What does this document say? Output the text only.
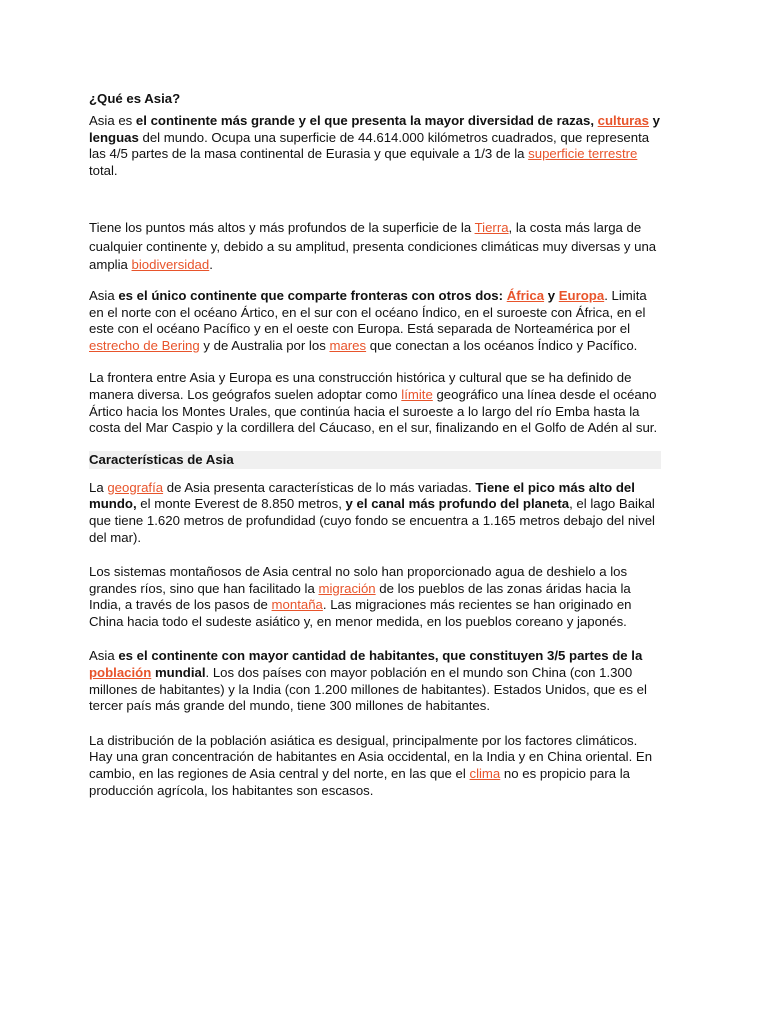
¿Qué es Asia?

Asia es el continente más grande y el que presenta la mayor diversidad de razas, culturas y lenguas del mundo. Ocupa una superficie de 44.614.000 kilómetros cuadrados, que representa las 4/5 partes de la masa continental de Eurasia y que equivale a 1/3 de la superficie terrestre total.

Tiene los puntos más altos y más profundos de la superficie de la Tierra, la costa más larga de cualquier continente y, debido a su amplitud, presenta condiciones climáticas muy diversas y una amplia biodiversidad.

Asia es el único continente que comparte fronteras con otros dos: África y Europa. Limita en el norte con el océano Ártico, en el sur con el océano Índico, en el suroeste con África, en el este con el océano Pacífico y en el oeste con Europa. Está separada de Norteamérica por el estrecho de Bering y de Australia por los mares que conectan a los océanos Índico y Pacífico.

La frontera entre Asia y Europa es una construcción histórica y cultural que se ha definido de manera diversa. Los geógrafos suelen adoptar como límite geográfico una línea desde el océano Ártico hacia los Montes Urales, que continúa hacia el suroeste a lo largo del río Emba hasta la costa del Mar Caspio y la cordillera del Cáucaso, en el sur, finalizando en el Golfo de Adén al sur.

Características de Asia

La geografía de Asia presenta características de lo más variadas. Tiene el pico más alto del mundo, el monte Everest de 8.850 metros, y el canal más profundo del planeta, el lago Baikal que tiene 1.620 metros de profundidad (cuyo fondo se encuentra a 1.165 metros debajo del nivel del mar).

Los sistemas montañosos de Asia central no solo han proporcionado agua de deshielo a los grandes ríos, sino que han facilitado la migración de los pueblos de las zonas áridas hacia la India, a través de los pasos de montaña. Las migraciones más recientes se han originado en China hacia todo el sudeste asiático y, en menor medida, en los pueblos coreano y japonés.

Asia es el continente con mayor cantidad de habitantes, que constituyen 3/5 partes de la población mundial. Los dos países con mayor población en el mundo son China (con 1.300 millones de habitantes) y la India (con 1.200 millones de habitantes). Estados Unidos, que es el tercer país más grande del mundo, tiene 300 millones de habitantes.

La distribución de la población asiática es desigual, principalmente por los factores climáticos. Hay una gran concentración de habitantes en Asia occidental, en la India y en China oriental. En cambio, en las regiones de Asia central y del norte, en las que el clima no es propicio para la producción agrícola, los habitantes son escasos.
